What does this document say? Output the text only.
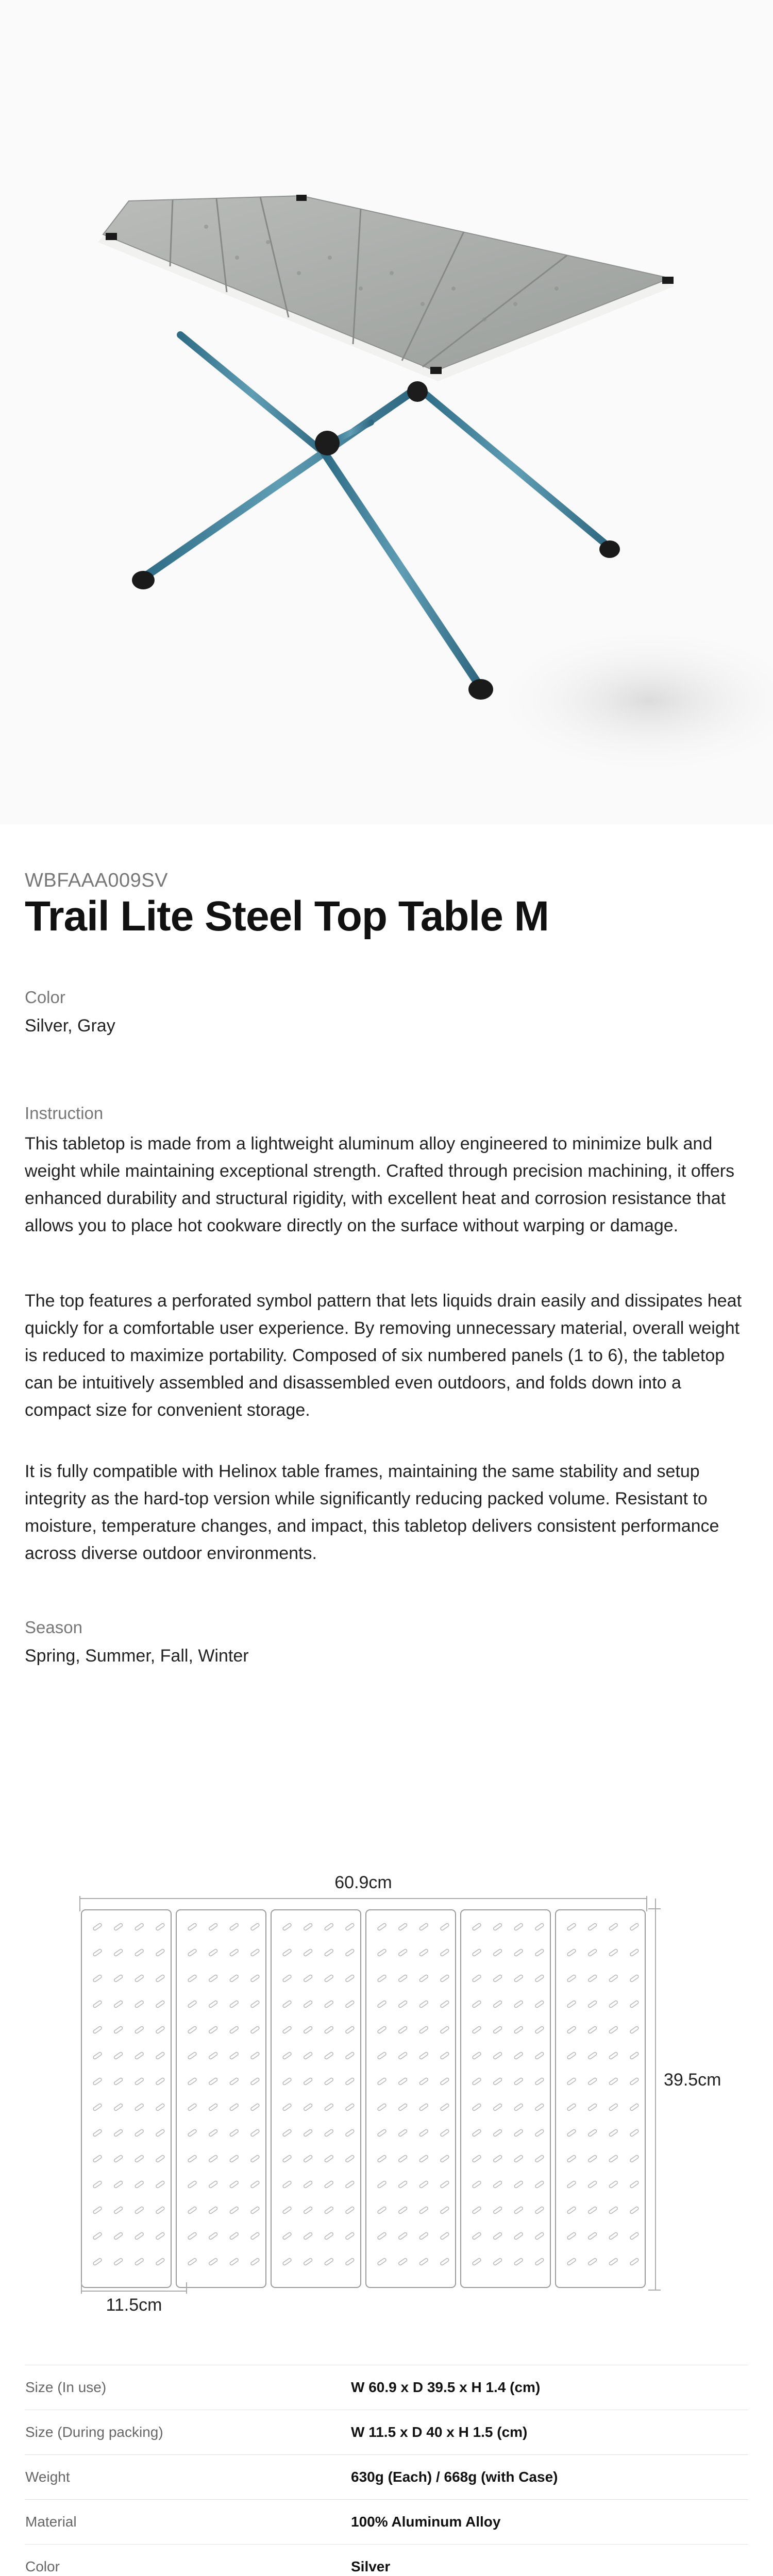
WBFAAA009SV
Trail Lite Steel Top Table M
Color
Silver, Gray
Instruction
This tabletop is made from a lightweight aluminum alloy engineered to minimize bulk and weight while maintaining exceptional strength. Crafted through precision machining, it offers enhanced durability and structural rigidity, with excellent heat and corrosion resistance that allows you to place hot cookware directly on the surface without warping or damage.
The top features a perforated symbol pattern that lets liquids drain easily and dissipates heat quickly for a comfortable user experience. By removing unnecessary material, overall weight is reduced to maximize portability. Composed of six numbered panels (1 to 6), the tabletop can be intuitively assembled and disassembled even outdoors, and folds down into a compact size for convenient storage.
It is fully compatible with Helinox table frames, maintaining the same stability and setup integrity as the hard-top version while significantly reducing packed volume. Resistant to moisture, temperature changes, and impact, this tabletop delivers consistent performance across diverse outdoor environments.
Season
Spring, Summer, Fall, Winter
60.9cm
39.5cm
11.5cm
Size (In use)	W 60.9 x D 39.5 x H 1.4 (cm)
Size (During packing)	W 11.5 x D 40 x H 1.5 (cm)
Weight	630g (Each) / 668g (with Case)
Material	100% Aluminum Alloy
Color	Silver
